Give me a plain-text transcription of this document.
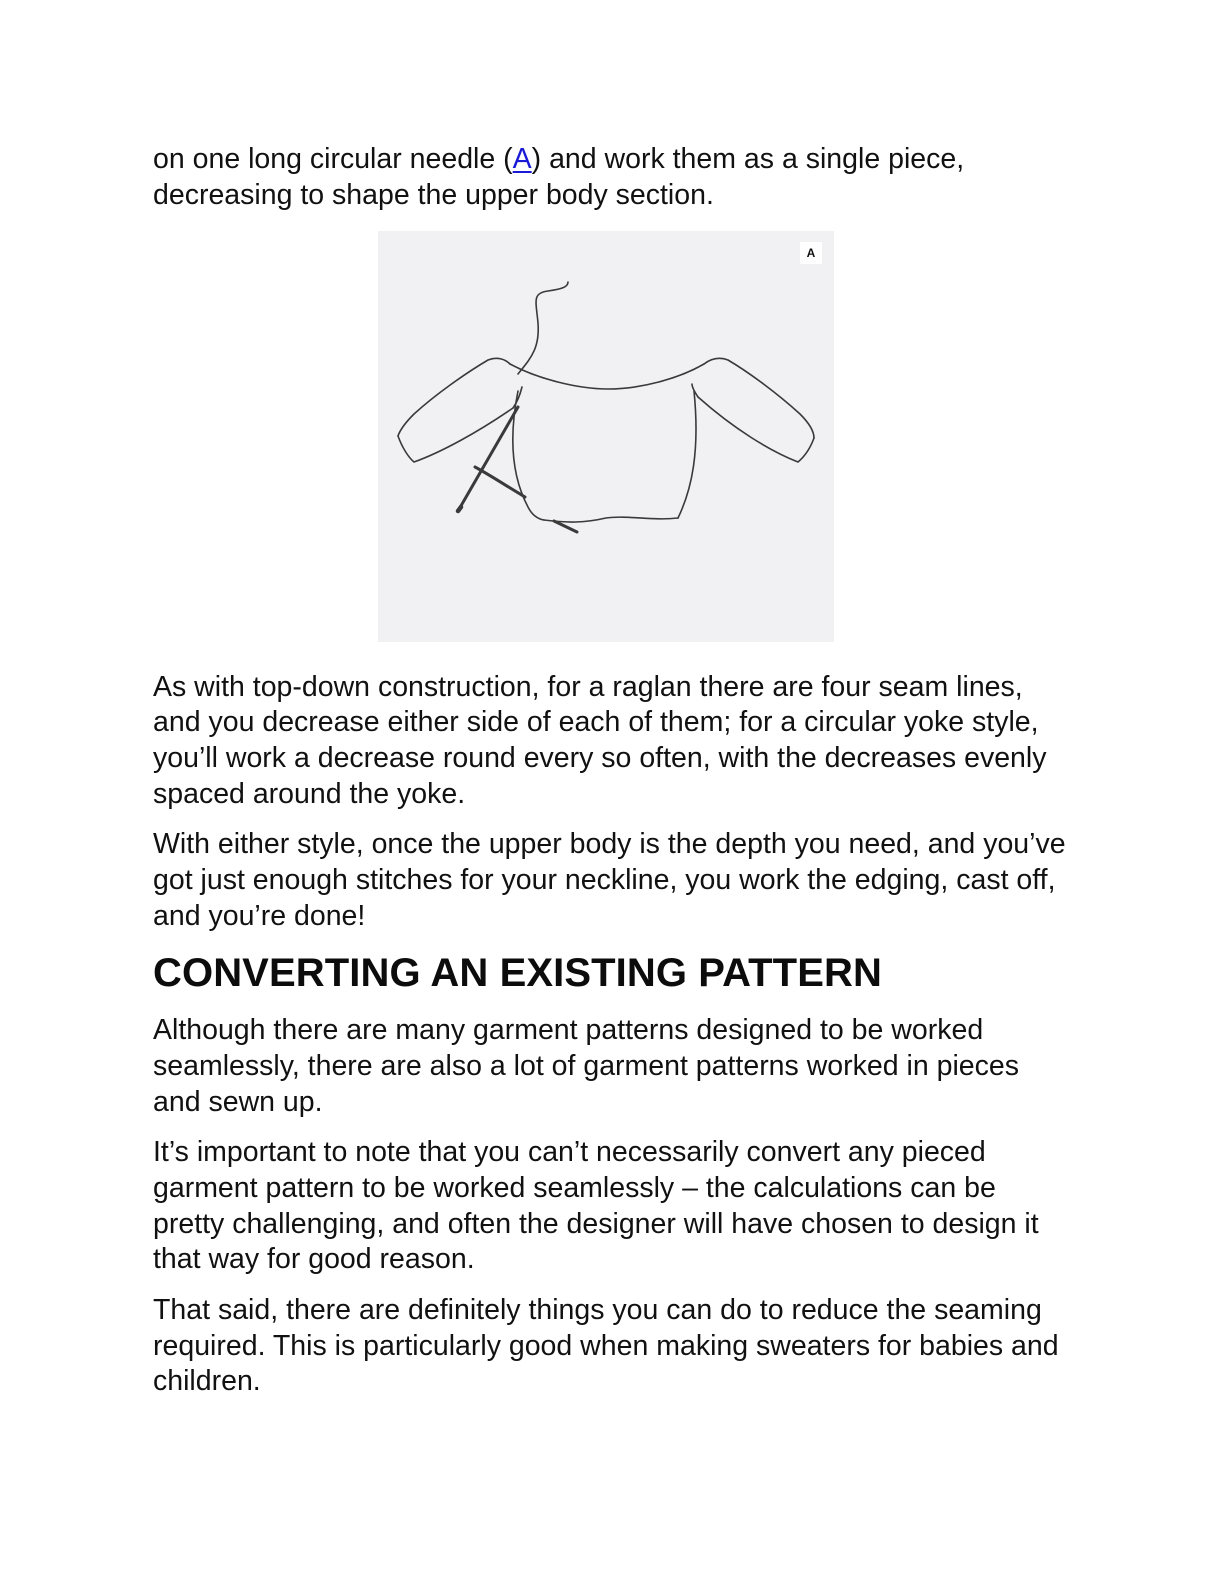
on one long circular needle (A) and work them as a single piece, decreasing to shape the upper body section.

A

As with top-down construction, for a raglan there are four seam lines, and you decrease either side of each of them; for a circular yoke style, you’ll work a decrease round every so often, with the decreases evenly spaced around the yoke.

With either style, once the upper body is the depth you need, and you’ve got just enough stitches for your neckline, you work the edging, cast off, and you’re done!

CONVERTING AN EXISTING PATTERN

Although there are many garment patterns designed to be worked seamlessly, there are also a lot of garment patterns worked in pieces and sewn up.

It’s important to note that you can’t necessarily convert any pieced garment pattern to be worked seamlessly – the calculations can be pretty challenging, and often the designer will have chosen to design it that way for good reason.

That said, there are definitely things you can do to reduce the seaming required. This is particularly good when making sweaters for babies and children.
